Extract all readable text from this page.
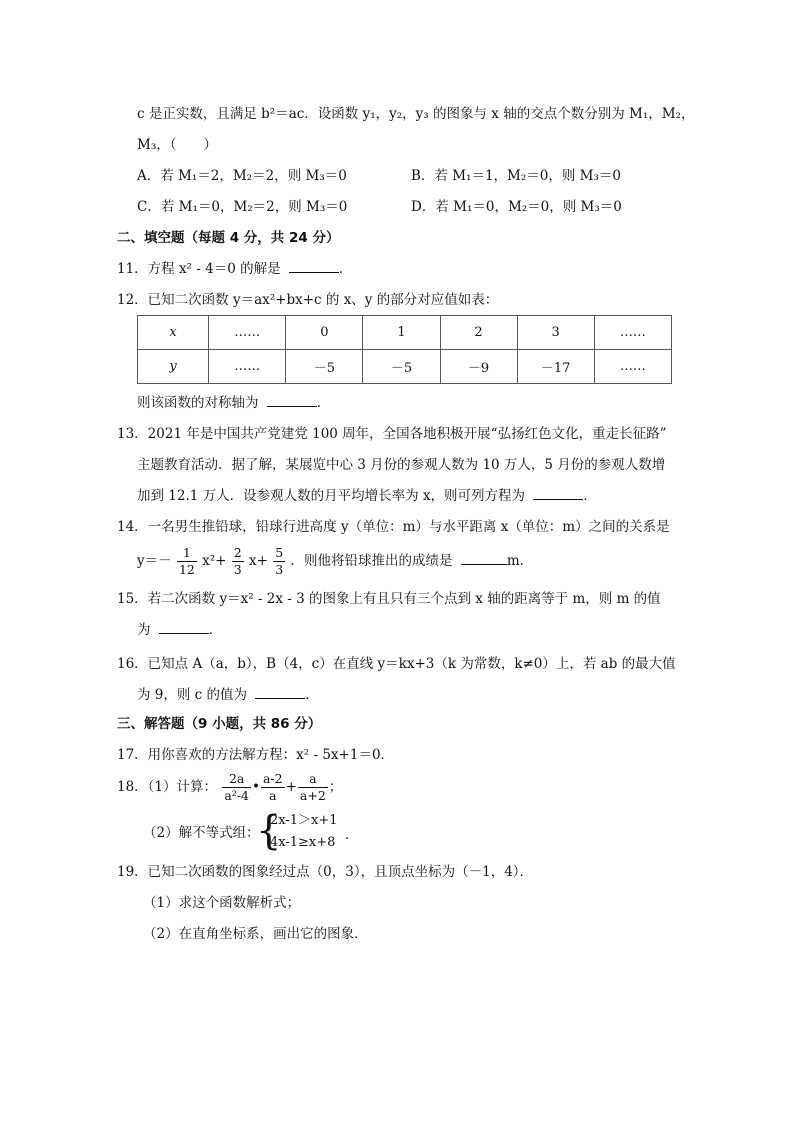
c 是正实数，且满足 b²＝ac．设函数 y₁，y₂，y₃ 的图象与 x 轴的交点个数分别为 M₁，M₂，
M₃，（　　）
A．若 M₁＝2，M₂＝2，则 M₃＝0	B．若 M₁＝1，M₂＝0，则 M₃＝0
C．若 M₁＝0，M₂＝2，则 M₃＝0	D．若 M₁＝0，M₂＝0，则 M₃＝0
二、填空题（每题 4 分，共 24 分）
11．方程 x² - 4＝0 的解是	．
12．已知二次函数 y＝ax²+bx+c 的 x、y 的部分对应值如表：
x	……	0	1	2	3	……
y	……	－5	－5	－9	－17	……
则该函数的对称轴为	．
13．2021 年是中国共产党建党 100 周年，全国各地积极开展“弘扬红色文化，重走长征路”
主题教育活动．据了解，某展览中心 3 月份的参观人数为 10 万人，5 月份的参观人数增
加到 12.1 万人．设参观人数的月平均增长率为 x，则可列方程为	．
14．一名男生推铅球，铅球行进高度 y（单位：m）与水平距离 x（单位：m）之间的关系是
$y=- \frac{1}{12} x^2+ \frac{2}{3} x+ \frac{5}{3}$ ．则他将铅球推出的成绩是	m．
15．若二次函数 y＝x² - 2x - 3 的图象上有且只有三个点到 x 轴的距离等于 m，则 m 的值
为	．
16．已知点 A（a，b），B（4，c）在直线 y＝kx+3（k 为常数，k≠0）上，若 ab 的最大值
为 9，则 c 的值为	．
三、解答题（9 小题，共 86 分）
17．用你喜欢的方法解方程：x² - 5x+1＝0．
18．（1）计算： $\frac{2a}{\text{a²-4}}$ • $\frac{a-2}{a} + \frac{a}{a+2}$ ；
（2）解不等式组：
{
2x-1＞x+1
4x-1≥x+8 ．
19．已知二次函数的图象经过点（0，3），且顶点坐标为（－1，4）．
（1）求这个函数解析式；
（2）在直角坐标系，画出它的图象．
